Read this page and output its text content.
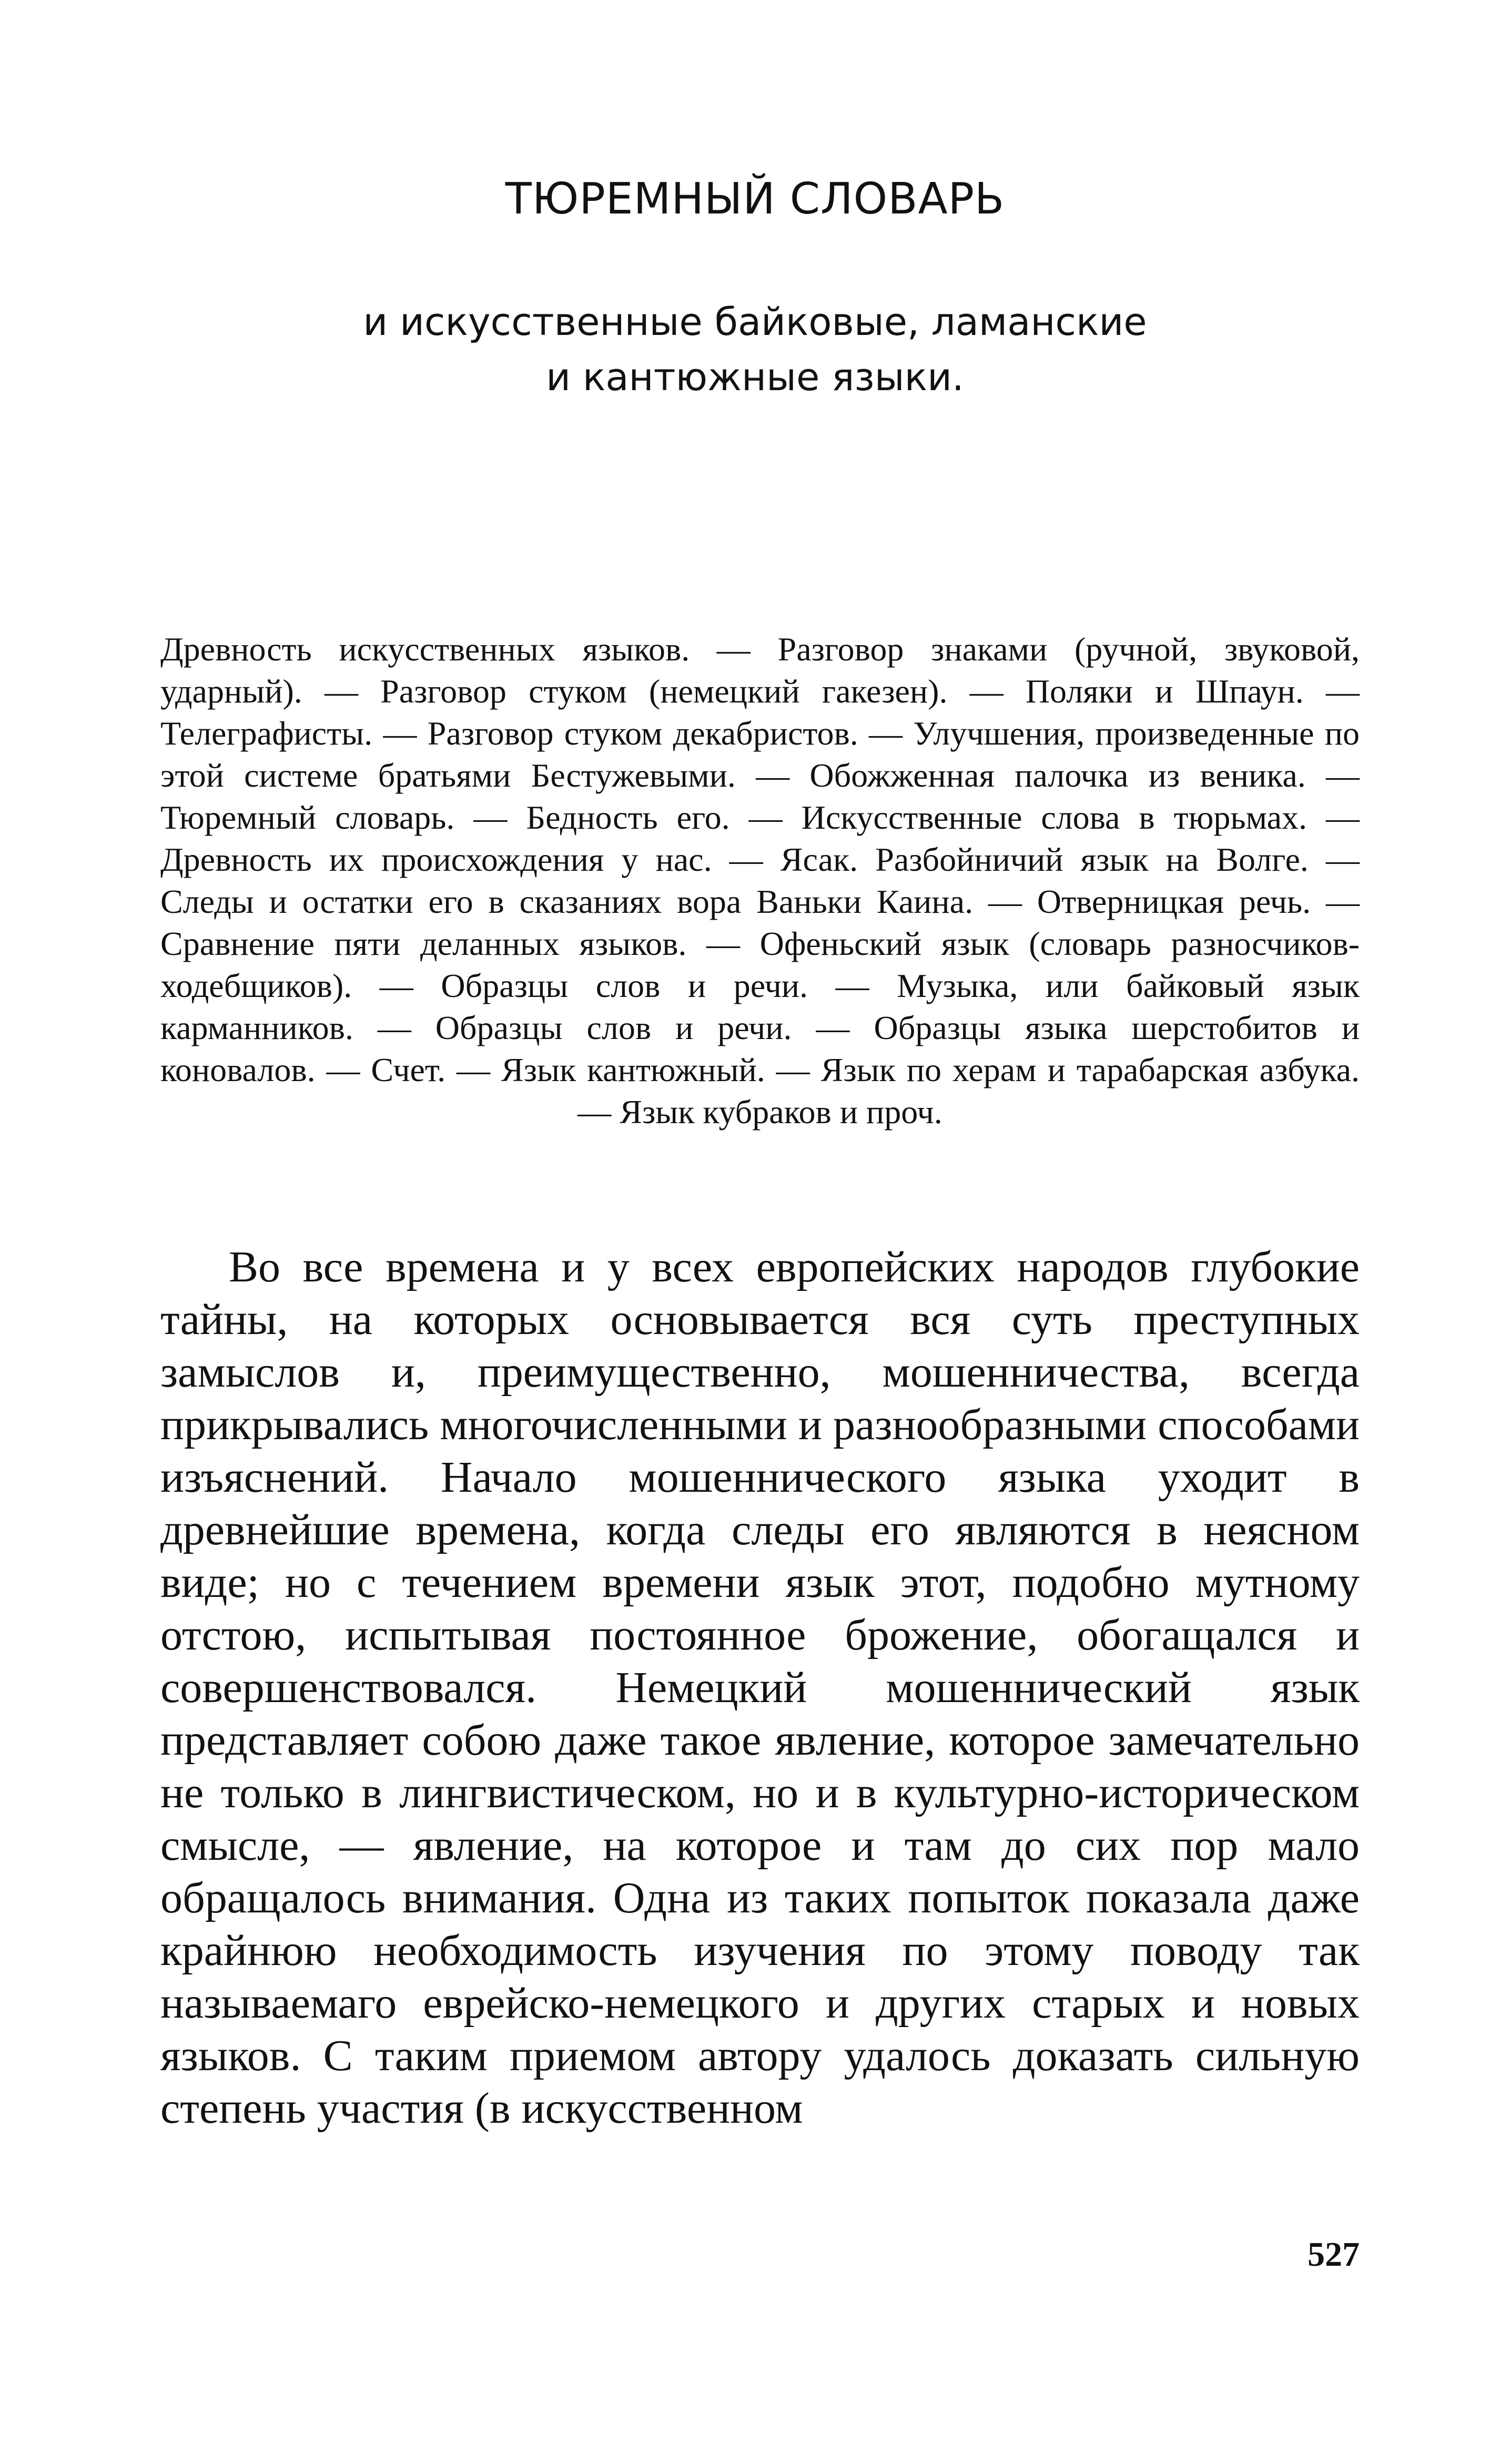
ТЮРЕМНЫЙ СЛОВАРЬ
и искусственные байковые, ламанские
и кантюжные языки.
Древность искусственных языков. — Разговор знаками (ручной, звуковой, ударный). — Разговор стуком (немецкий гакезен). — Поляки и Шпаун. — Телеграфисты. — Разговор стуком декабристов. — Улучшения, произведенные по этой системе братьями Бестужевыми. — Обожженная палочка из веника. — Тюремный словарь. — Бедность его. — Искусственные слова в тюрьмах. — Древность их происхождения у нас. — Ясак. Разбойничий язык на Волге. — Следы и остатки его в сказаниях вора Ваньки Каина. — Отверницкая речь. — Сравнение пяти деланных языков. — Офеньский язык (словарь разносчиков-ходебщиков). — Образцы слов и речи. — Музыка, или байковый язык карманников. — Образцы слов и речи. — Образцы языка шерстобитов и коновалов. — Счет. — Язык кантюжный. — Язык по херам и тарабарская азбука. — Язык кубраков и проч.
Во все времена и у всех европейских народов глубокие тайны, на которых основывается вся суть преступных замыслов и, преимущественно, мошенничества, всегда прикрывались многочисленными и разнообразными способами изъяснений. Начало мошеннического языка уходит в древнейшие времена, когда следы его являются в неясном виде; но с течением времени язык этот, подобно мутному отстою, испытывая постоянное брожение, обогащался и совершенствовался. Немецкий мошеннический язык представляет собою даже такое явление, которое замечательно не только в лингвистическом, но и в культурно-историческом смысле, — явление, на которое и там до сих пор мало обращалось внимания. Одна из таких попыток показала даже крайнюю необходимость изучения по этому поводу так называемаго еврейско-немецкого и других старых и новых языков. С таким приемом автору удалось доказать сильную степень участия (в искусственном
527
